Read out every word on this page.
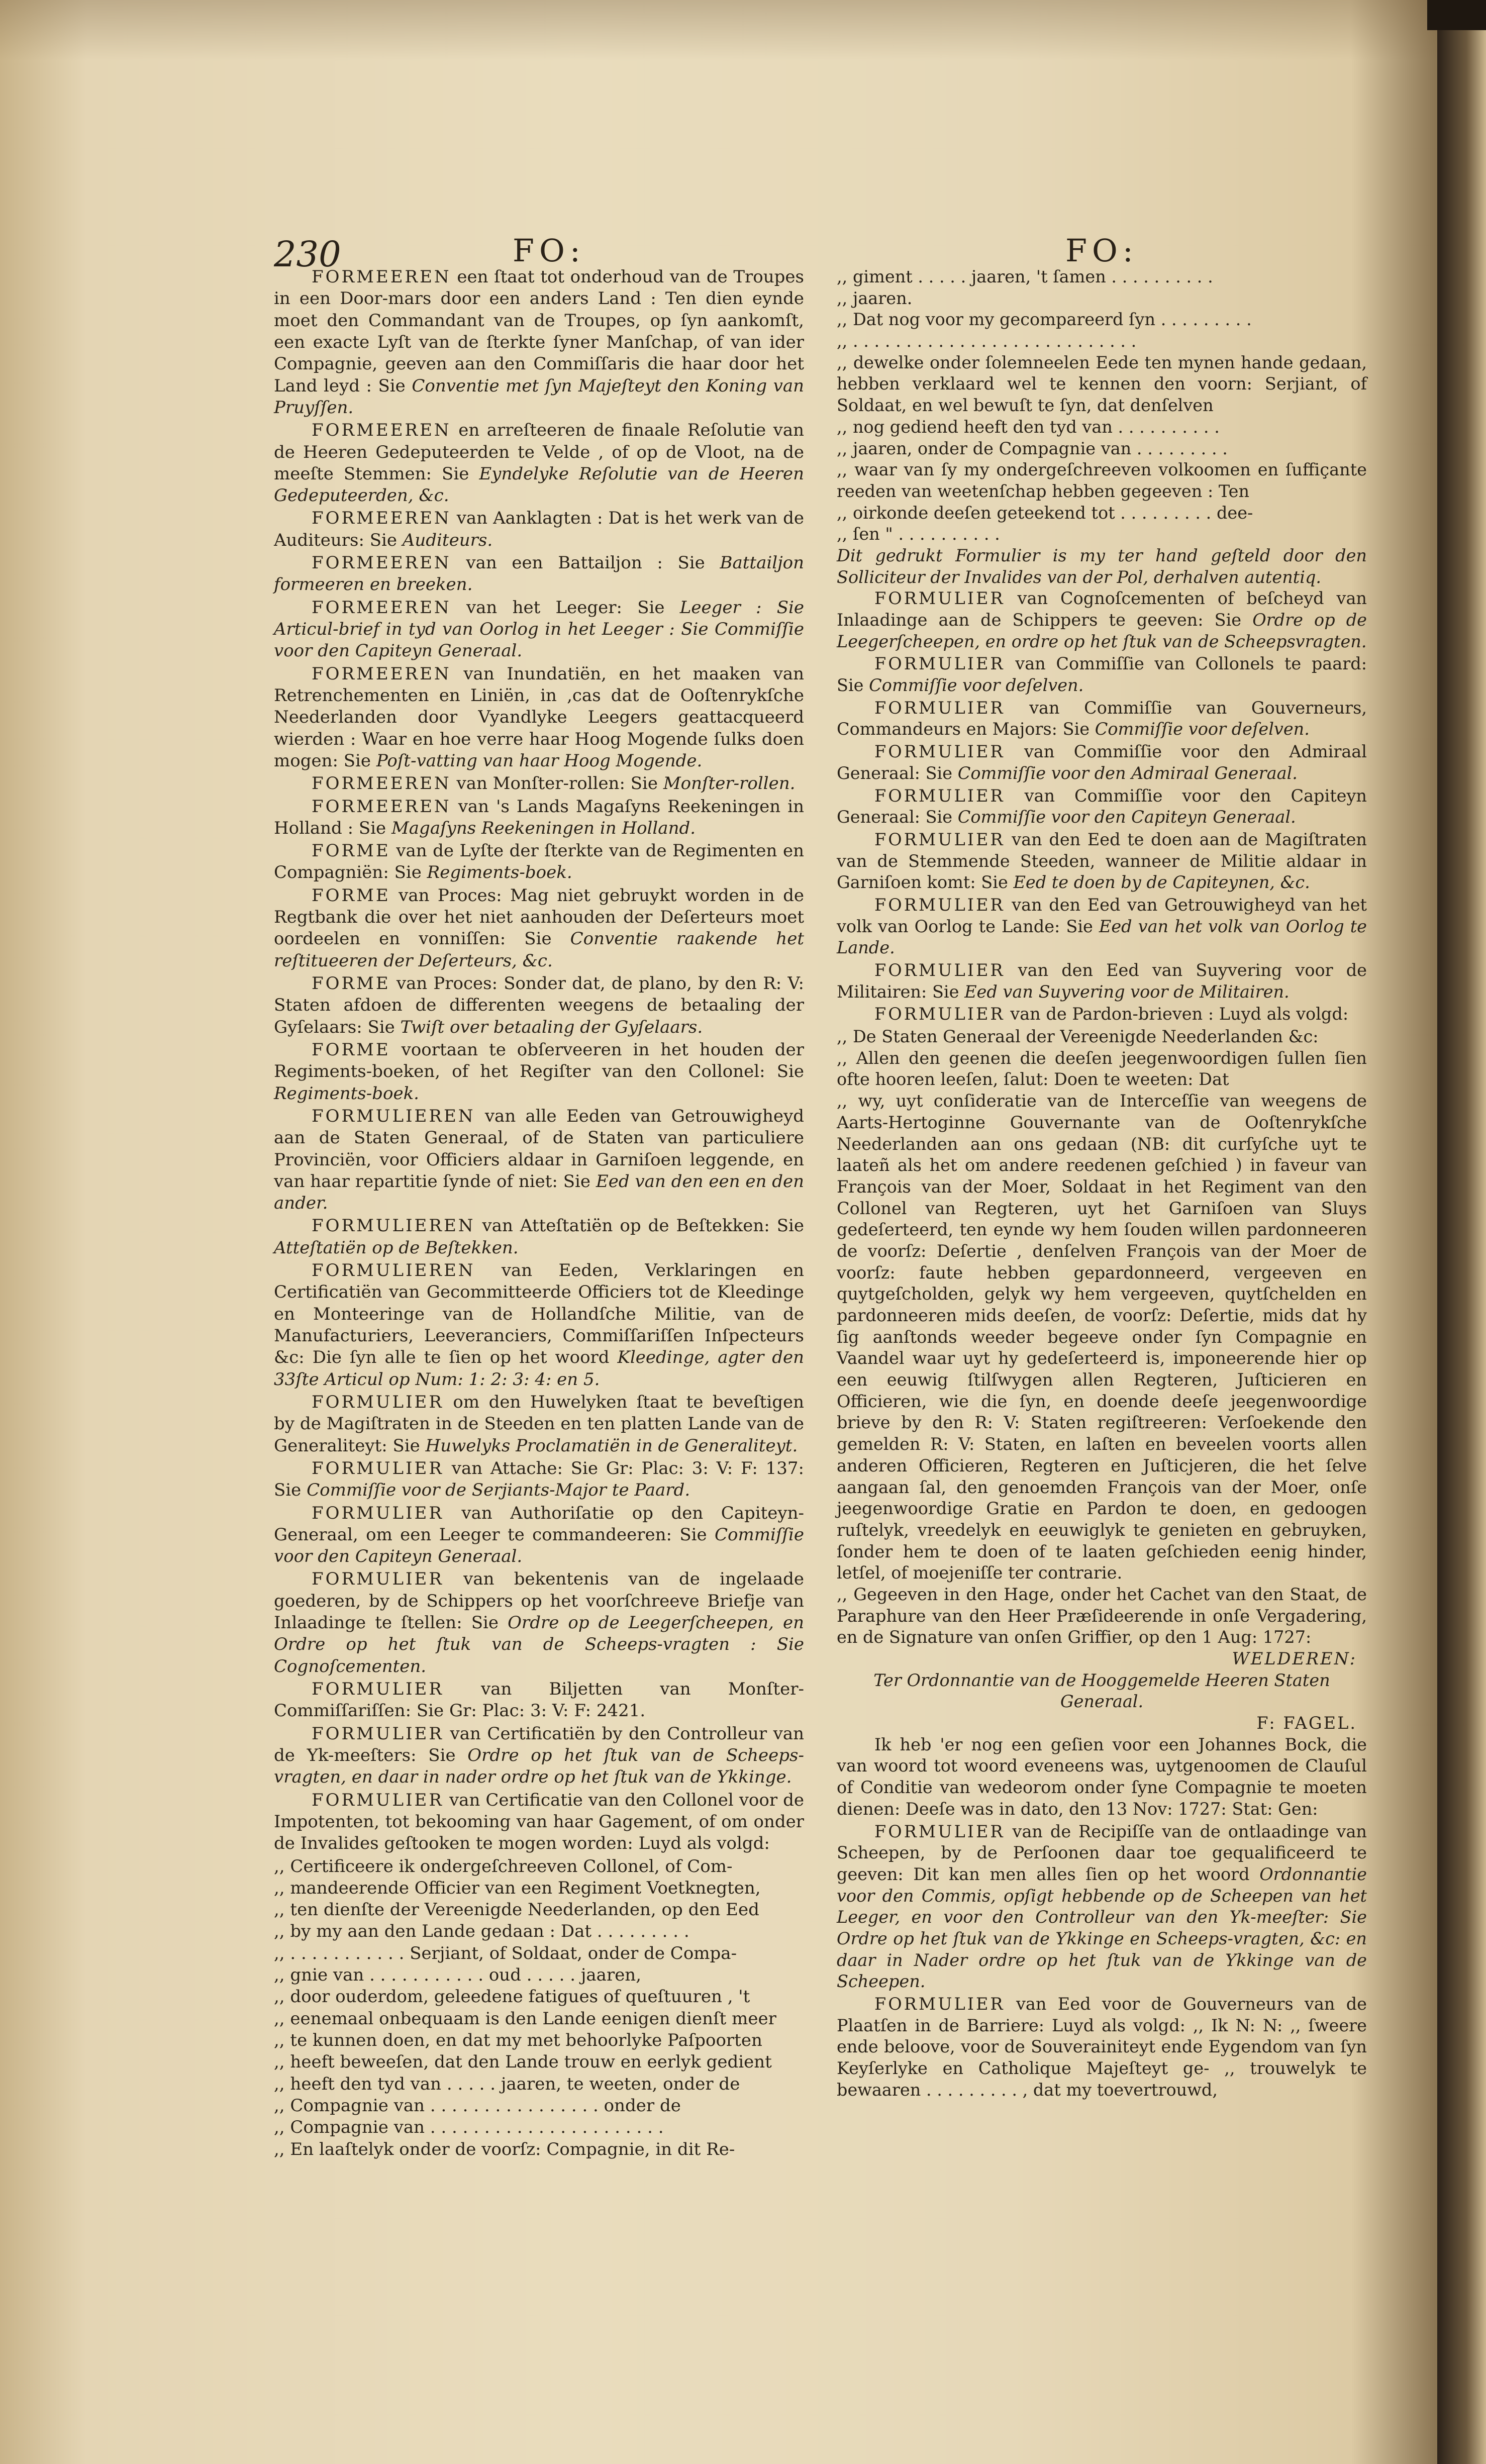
230	FO:	FO:

FORMEEREN een ſtaat tot onderhoud van de Troupes in een Door-mars door een anders Land : Ten dien eynde moet den Commandant van de Troupes, op ſyn aankomſt, een exacte Lyſt van de ſterkte ſyner Manſchap, of van ider Compagnie, geeven aan den Commiſſaris die haar door het Land leyd : Sie Conventie met ſyn Majeſteyt den Koning van Pruyſſen.

FORMEEREN en arreſteeren de finaale Reſolutie van de Heeren Gedeputeerden te Velde , of op de Vloot, na de meeſte Stemmen: Sie Eyndelyke Reſolutie van de Heeren Gedeputeerden, &c.

FORMEEREN van Aanklagten : Dat is het werk van de Auditeurs: Sie Auditeurs.

FORMEEREN van een Battailjon : Sie Battailjon formeeren en breeken.

FORMEEREN van het Leeger: Sie Leeger : Sie Articul-brief in tyd van Oorlog in het Leeger : Sie Commiſſie voor den Capiteyn Generaal.

FORMEEREN van Inundatiën, en het maaken van Retrenchementen en Liniën, in ,cas dat de Ooſtenrykſche Neederlanden door Vyandlyke Leegers geattacqueerd wierden : Waar en hoe verre haar Hoog Mogende ſulks doen mogen: Sie Poſt-vatting van haar Hoog Mogende.

FORMEEREN van Monſter-rollen: Sie Monſter-rollen.

FORMEEREN van 's Lands Magaſyns Reekeningen in Holland : Sie Magaſyns Reekeningen in Holland.

FORME van de Lyſte der ſterkte van de Regimenten en Compagniën: Sie Regiments-boek.

FORME van Proces: Mag niet gebruykt worden in de Regtbank die over het niet aanhouden der Deſerteurs moet oordeelen en vonniſſen: Sie Conventie raakende het reſtitueeren der Deſerteurs, &c.

FORME van Proces: Sonder dat, de plano, by den R: V: Staten afdoen de differenten weegens de betaaling der Gyſelaars: Sie Twiſt over betaaling der Gyſelaars.

FORME voortaan te obſerveeren in het houden der Regiments-boeken, of het Regiſter van den Collonel: Sie Regiments-boek.

FORMULIEREN van alle Eeden van Getrouwigheyd aan de Staten Generaal, of de Staten van particuliere Provinciën, voor Officiers aldaar in Garniſoen leggende, en van haar repartitie ſynde of niet: Sie Eed van den een en den ander.

FORMULIEREN van Atteſtatiën op de Beſtekken: Sie Atteſtatiën op de Beſtekken.

FORMULIEREN van Eeden, Verklaringen en Certificatiën van Gecommitteerde Officiers tot de Kleedinge en Monteeringe van de Hollandſche Militie, van de Manufacturiers, Leeveranciers, Commiſſariſſen Inſpecteurs &c: Die ſyn alle te ſien op het woord Kleedinge, agter den 33ſte Articul op Num: 1: 2: 3: 4: en 5.

FORMULIER om den Huwelyken ſtaat te beveſtigen by de Magiſtraten in de Steeden en ten platten Lande van de Generaliteyt: Sie Huwelyks Proclamatiën in de Generaliteyt.

FORMULIER van Attache: Sie Gr: Plac: 3: V: F: 137: Sie Commiſſie voor de Serjiants-Major te Paard.

FORMULIER van Authoriſatie op den Capiteyn-Generaal, om een Leeger te commandeeren: Sie Commiſſie voor den Capiteyn Generaal.

FORMULIER van bekentenis van de ingelaade goederen, by de Schippers op het voorſchreeve Briefje van Inlaadinge te ſtellen: Sie Ordre op de Leegerſcheepen, en Ordre op het ſtuk van de Scheeps-vragten : Sie Cognoſcementen.

FORMULIER van Biljetten van Monſter-Commiſſariſſen: Sie Gr: Plac: 3: V: F: 2421.

FORMULIER van Certificatiën by den Controlleur van de Yk-meeſters: Sie Ordre op het ſtuk van de Scheeps-vragten, en daar in nader ordre op het ſtuk van de Ykkinge.

FORMULIER van Certificatie van den Collonel voor de Impotenten, tot bekooming van haar Gagement, of om onder de Invalides geſtooken te mogen worden: Luyd als volgd:

,, Certificeere ik ondergeſchreeven Collonel, of Com-

,, mandeerende Officier van een Regiment Voetknegten,

,, ten dienſte der Vereenigde Neederlanden, op den Eed

,, by my aan den Lande gedaan : Dat . . . . . . . . .

,, . . . . . . . . . . . Serjiant, of Soldaat, onder de Compa-

,, gnie van . . . . . . . . . . . oud . . . . . jaaren,

,, door ouderdom, geleedene fatigues of queſtuuren , 't

,, eenemaal onbequaam is den Lande eenigen dienſt meer

,, te kunnen doen, en dat my met behoorlyke Paſpoorten

,, heeft beweeſen, dat den Lande trouw en eerlyk gedient

,, heeft den tyd van . . . . . jaaren, te weeten, onder de

,, Compagnie van . . . . . . . . . . . . . . . . onder de

,, Compagnie van . . . . . . . . . . . . . . . . . . . . . .

,, En laaſtelyk onder de voorſz: Compagnie, in dit Re-

,, giment . . . . . jaaren, 't ſamen . . . . . . . . . .

,, jaaren.

,, Dat nog voor my gecompareerd ſyn . . . . . . . . .

,, . . . . . . . . . . . . . . . . . . . . . . . . . . .

,, dewelke onder ſolemneelen Eede ten mynen hande gedaan, hebben verklaard wel te kennen den voorn: Serjiant, of Soldaat, en wel bewuſt te ſyn, dat denſelven

,, nog gediend heeft den tyd van . . . . . . . . . .

,, jaaren, onder de Compagnie van . . . . . . . . .

,, waar van ſy my ondergeſchreeven volkoomen en ſuffiçante reeden van weetenſchap hebben gegeeven : Ten

,, oirkonde deeſen geteekend tot . . . . . . . . . dee-

,, ſen " . . . . . . . . . .

Dit gedrukt Formulier is my ter hand geſteld door den Sollicitеur der Invalides van der Pol, derhalven autentiq.

FORMULIER van Cognoſcementen of beſcheyd van Inlaadinge aan de Schippers te geeven: Sie Ordre op de Leegerſcheepen, en ordre op het ſtuk van de Scheepsvragten.

FORMULIER van Commiſſie van Collonels te paard: Sie Commiſſie voor deſelven.

FORMULIER van Commiſſie van Gouverneurs, Commandeurs en Majors: Sie Commiſſie voor deſelven.

FORMULIER van Commiſſie voor den Admiraal Generaal: Sie Commiſſie voor den Admiraal Generaal.

FORMULIER van Commiſſie voor den Capiteyn Generaal: Sie Commiſſie voor den Capiteyn Generaal.

FORMULIER van den Eed te doen aan de Magiſtraten van de Stemmende Steeden, wanneer de Militie aldaar in Garniſoen komt: Sie Eed te doen by de Capiteynen, &c.

FORMULIER van den Eed van Getrouwigheyd van het volk van Oorlog te Lande: Sie Eed van het volk van Oorlog te Lande.

FORMULIER van den Eed van Suyvering voor de Militairen: Sie Eed van Suyvering voor de Militairen.

FORMULIER van de Pardon-brieven : Luyd als volgd:

,, De Staten Generaal der Vereenigde Neederlanden &c:

,, Allen den geenen die deeſen jeegenwoordigen ſullen ſien ofte hooren leeſen, ſalut: Doen te weeten: Dat

,, wy, uyt conſideratie van de Interceſſie van weegens de Aarts-Hertoginne Gouvernante van de Ooſtenrykſche Neederlanden aan ons gedaan (NB: dit curſyſche uyt te laateñ als het om andere reedenen geſchied ) in faveur van François van der Moer, Soldaat in het Regiment van den Collonel van Regteren, uyt het Garniſoen van Sluys gedeſerteerd, ten eynde wy hem ſouden willen pardonneeren de voorſz: Deſertie , denſelven François van der Moer de voorſz: faute hebben gepardonneerd, vergeeven en quytgeſcholden, gelyk wy hem vergeeven, quytſchelden en pardonneeren mids deeſen, de voorſz: Deſertie, mids dat hy ſig aanſtonds weeder begeeve onder ſyn Compagnie en Vaandel waar uyt hy gedeſerteerd is, imponeerende hier op een eeuwig ſtilſwygen allen Regteren, Juſticieren en Officieren, wie die ſyn, en doende deeſe jeegenwoordige brieve by den R: V: Staten regiſtreeren: Verſoekende den gemelden R: V: Staten, en laſten en beveelen voorts allen anderen Officieren, Regteren en Juſticjeren, die het ſelve aangaan ſal, den genoemden François van der Moer, onſe jeegenwoordige Gratie en Pardon te doen, en gedoogen ruſtelyk, vreedelyk en eeuwiglyk te genieten en gebruyken, ſonder hem te doen of te laaten geſchieden eenig hinder, letſel, of moejeniſſe ter contrarie.

,, Gegeeven in den Hage, onder het Cachet van den Staat, de Paraphure van den Heer Præſideerende in onſe Vergadering, en de Signature van onſen Griffier, op den 1 Aug: 1727:

WELDEREN:

Ter Ordonnantie van de Hooggemelde Heeren Staten Generaal.

F: FAGEL.

Ik heb 'er nog een geſien voor een Johannes Bock, die van woord tot woord eveneens was, uytgenoomen de Clauſul of Conditie van wedeorom onder ſyne Compagnie te moeten dienen: Deeſe was in dato, den 13 Nov: 1727: Stat: Gen:

FORMULIER van de Recipiſſe van de ontlaadinge van Scheepen, by de Perſoonen daar toe gequalificeerd te geeven: Dit kan men alles ſien op het woord Ordonnantie voor den Commis, opſigt hebbende op de Scheepen van het Leeger, en voor den Controlleur van den Yk-meeſter: Sie Ordre op het ſtuk van de Ykkinge en Scheeps-vragten, &c: en daar in Nader ordre op het ſtuk van de Ykkinge van de Scheepen.

FORMULIER van Eed voor de Gouverneurs van de Plaatſen in de Barriere: Luyd als volgd: ,, Ik N: N: ,, ſweere ende beloove, voor de Souverainiteyt ende Eygendom van ſyn Keyſerlyke en Catholique Majeſteyt ge- ,, trouwelyk te bewaaren . . . . . . . . . , dat my toevertrouwd,
